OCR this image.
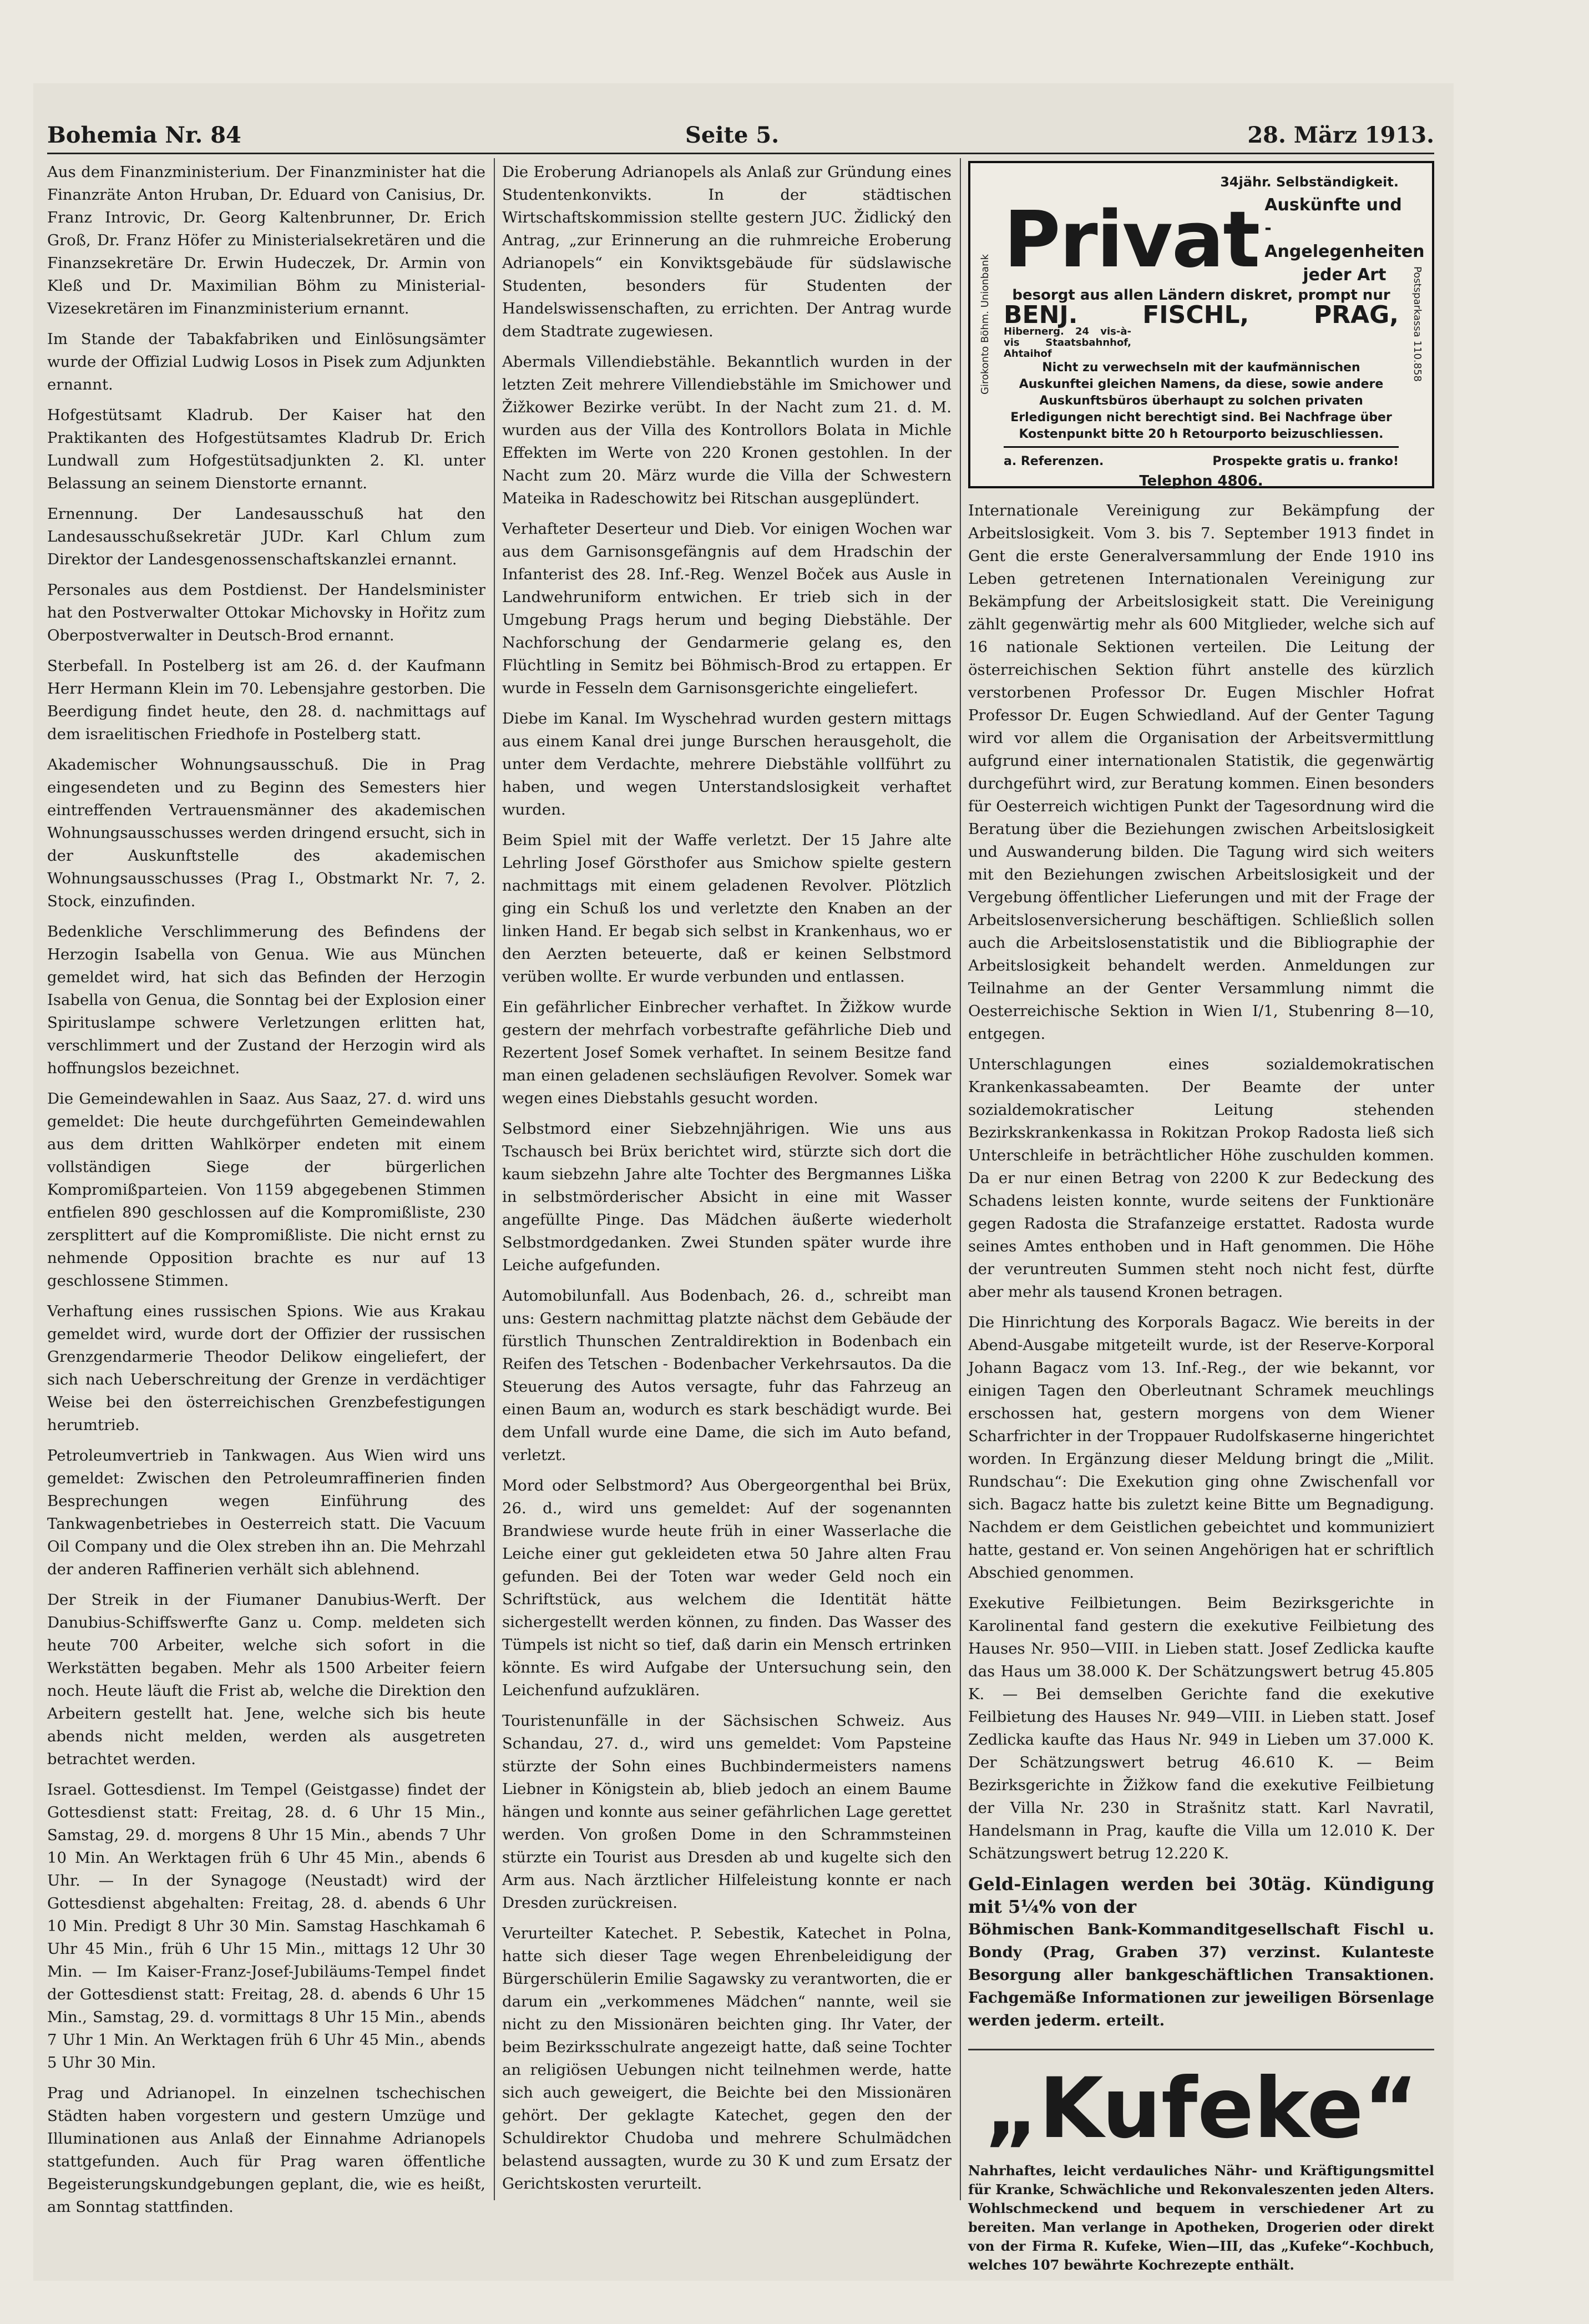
Bohemia Nr. 84	Seite 5.	28. März 1913.

Aus dem Finanzministerium. Der Finanzminister hat die Finanzräte Anton Hruban, Dr. Eduard von Canisius, Dr. Franz Introvic, Dr. Georg Kaltenbrunner, Dr. Erich Groß, Dr. Franz Höfer zu Ministerialsekretären und die Finanzsekretäre Dr. Erwin Hudeczek, Dr. Armin von Kleß und Dr. Maximilian Böhm zu Ministerial-Vizesekretären im Finanzministerium ernannt.

Im Stande der Tabakfabriken und Einlösungsämter wurde der Offizial Ludwig Losos in Pisek zum Adjunkten ernannt.

Hofgestütsamt Kladrub. Der Kaiser hat den Praktikanten des Hofgestütsamtes Kladrub Dr. Erich Lundwall zum Hofgestütsadjunkten 2. Kl. unter Belassung an seinem Dienstorte ernannt.

Ernennung. Der Landesausschuß hat den Landesausschußsekretär JUDr. Karl Chlum zum Direktor der Landesgenossenschaftskanzlei ernannt.

Personales aus dem Postdienst. Der Handelsminister hat den Postverwalter Ottokar Michovsky in Hořitz zum Oberpostverwalter in Deutsch-Brod ernannt.

Sterbefall. In Postelberg ist am 26. d. der Kaufmann Herr Hermann Klein im 70. Lebensjahre gestorben. Die Beerdigung findet heute, den 28. d. nachmittags auf dem israelitischen Friedhofe in Postelberg statt.

Akademischer Wohnungsausschuß. Die in Prag eingesendeten und zu Beginn des Semesters hier eintreffenden Vertrauensmänner des akademischen Wohnungsausschusses werden dringend ersucht, sich in der Auskunftstelle des akademischen Wohnungsausschusses (Prag I., Obstmarkt Nr. 7, 2. Stock, einzufinden.

Bedenkliche Verschlimmerung des Befindens der Herzogin Isabella von Genua. Wie aus München gemeldet wird, hat sich das Befinden der Herzogin Isabella von Genua, die Sonntag bei der Explosion einer Spirituslampe schwere Verletzungen erlitten hat, verschlimmert und der Zustand der Herzogin wird als hoffnungslos bezeichnet.

Die Gemeindewahlen in Saaz. Aus Saaz, 27. d. wird uns gemeldet: Die heute durchgeführten Gemeindewahlen aus dem dritten Wahlkörper endeten mit einem vollständigen Siege der bürgerlichen Kompromißparteien. Von 1159 abgegebenen Stimmen entfielen 890 geschlossen auf die Kompromißliste, 230 zersplittert auf die Kompromißliste. Die nicht ernst zu nehmende Opposition brachte es nur auf 13 geschlossene Stimmen.

Verhaftung eines russischen Spions. Wie aus Krakau gemeldet wird, wurde dort der Offizier der russischen Grenzgendarmerie Theodor Delikow eingeliefert, der sich nach Ueberschreitung der Grenze in verdächtiger Weise bei den österreichischen Grenzbefestigungen herumtrieb.

Petroleumvertrieb in Tankwagen. Aus Wien wird uns gemeldet: Zwischen den Petroleumraffinerien finden Besprechungen wegen Einführung des Tankwagenbetriebes in Oesterreich statt. Die Vacuum Oil Company und die Olex streben ihn an. Die Mehrzahl der anderen Raffinerien verhält sich ablehnend.

Der Streik in der Fiumaner Danubius-Werft. Der Danubius-Schiffswerfte Ganz u. Comp. meldeten sich heute 700 Arbeiter, welche sich sofort in die Werkstätten begaben. Mehr als 1500 Arbeiter feiern noch. Heute läuft die Frist ab, welche die Direktion den Arbeitern gestellt hat. Jene, welche sich bis heute abends nicht melden, werden als ausgetreten betrachtet werden.

Israel. Gottesdienst. Im Tempel (Geistgasse) findet der Gottesdienst statt: Freitag, 28. d. 6 Uhr 15 Min., Samstag, 29. d. morgens 8 Uhr 15 Min., abends 7 Uhr 10 Min. An Werktagen früh 6 Uhr 45 Min., abends 6 Uhr. — In der Synagoge (Neustadt) wird der Gottesdienst abgehalten: Freitag, 28. d. abends 6 Uhr 10 Min. Predigt 8 Uhr 30 Min. Samstag Haschkamah 6 Uhr 45 Min., früh 6 Uhr 15 Min., mittags 12 Uhr 30 Min. — Im Kaiser-Franz-Josef-Jubiläums-Tempel findet der Gottesdienst statt: Freitag, 28. d. abends 6 Uhr 15 Min., Samstag, 29. d. vormittags 8 Uhr 15 Min., abends 7 Uhr 1 Min. An Werktagen früh 6 Uhr 45 Min., abends 5 Uhr 30 Min.

Prag und Adrianopel. In einzelnen tschechischen Städten haben vorgestern und gestern Umzüge und Illuminationen aus Anlaß der Einnahme Adrianopels stattgefunden. Auch für Prag waren öffentliche Begeisterungskundgebungen geplant, die, wie es heißt, am Sonntag stattfinden.

Die Eroberung Adrianopels als Anlaß zur Gründung eines Studentenkonvikts. In der städtischen Wirtschaftskommission stellte gestern JUC. Židlický den Antrag, „zur Erinnerung an die ruhmreiche Eroberung Adrianopels“ ein Konviktsgebäude für südslawische Studenten, besonders für Studenten der Handelswissenschaften, zu errichten. Der Antrag wurde dem Stadtrate zugewiesen.

Abermals Villendiebstähle. Bekanntlich wurden in der letzten Zeit mehrere Villendiebstähle im Smichower und Žižkower Bezirke verübt. In der Nacht zum 21. d. M. wurden aus der Villa des Kontrollors Bolata in Michle Effekten im Werte von 220 Kronen gestohlen. In der Nacht zum 20. März wurde die Villa der Schwestern Mateika in Radeschowitz bei Ritschan ausgeplündert.

Verhafteter Deserteur und Dieb. Vor einigen Wochen war aus dem Garnisonsgefängnis auf dem Hradschin der Infanterist des 28. Inf.-Reg. Wenzel Boček aus Ausle in Landwehruniform entwichen. Er trieb sich in der Umgebung Prags herum und beging Diebstähle. Der Nachforschung der Gendarmerie gelang es, den Flüchtling in Semitz bei Böhmisch-Brod zu ertappen. Er wurde in Fesseln dem Garnisonsgerichte eingeliefert.

Diebe im Kanal. Im Wyschehrad wurden gestern mittags aus einem Kanal drei junge Burschen herausgeholt, die unter dem Verdachte, mehrere Diebstähle vollführt zu haben, und wegen Unterstandslosigkeit verhaftet wurden.

Beim Spiel mit der Waffe verletzt. Der 15 Jahre alte Lehrling Josef Görsthofer aus Smichow spielte gestern nachmittags mit einem geladenen Revolver. Plötzlich ging ein Schuß los und verletzte den Knaben an der linken Hand. Er begab sich selbst in Krankenhaus, wo er den Aerzten beteuerte, daß er keinen Selbstmord verüben wollte. Er wurde verbunden und entlassen.

Ein gefährlicher Einbrecher verhaftet. In Žižkow wurde gestern der mehrfach vorbestrafte gefährliche Dieb und Rezertent Josef Somek verhaftet. In seinem Besitze fand man einen geladenen sechsläufigen Revolver. Somek war wegen eines Diebstahls gesucht worden.

Selbstmord einer Siebzehnjährigen. Wie uns aus Tschausch bei Brüx berichtet wird, stürzte sich dort die kaum siebzehn Jahre alte Tochter des Bergmannes Liška in selbstmörderischer Absicht in eine mit Wasser angefüllte Pinge. Das Mädchen äußerte wiederholt Selbstmordgedanken. Zwei Stunden später wurde ihre Leiche aufgefunden.

Automobilunfall. Aus Bodenbach, 26. d., schreibt man uns: Gestern nachmittag platzte nächst dem Gebäude der fürstlich Thunschen Zentraldirektion in Bodenbach ein Reifen des Tetschen - Bodenbacher Verkehrsautos. Da die Steuerung des Autos versagte, fuhr das Fahrzeug an einen Baum an, wodurch es stark beschädigt wurde. Bei dem Unfall wurde eine Dame, die sich im Auto befand, verletzt.

Mord oder Selbstmord? Aus Obergeorgenthal bei Brüx, 26. d., wird uns gemeldet: Auf der sogenannten Brandwiese wurde heute früh in einer Wasserlache die Leiche einer gut gekleideten etwa 50 Jahre alten Frau gefunden. Bei der Toten war weder Geld noch ein Schriftstück, aus welchem die Identität hätte sichergestellt werden können, zu finden. Das Wasser des Tümpels ist nicht so tief, daß darin ein Mensch ertrinken könnte. Es wird Aufgabe der Untersuchung sein, den Leichenfund aufzuklären.

Touristenunfälle in der Sächsischen Schweiz. Aus Schandau, 27. d., wird uns gemeldet: Vom Papsteine stürzte der Sohn eines Buchbindermeisters namens Liebner in Königstein ab, blieb jedoch an einem Baume hängen und konnte aus seiner gefährlichen Lage gerettet werden. Von großen Dome in den Schrammsteinen stürzte ein Tourist aus Dresden ab und kugelte sich den Arm aus. Nach ärztlicher Hilfeleistung konnte er nach Dresden zurückreisen.

Verurteilter Katechet. P. Sebestik, Katechet in Polna, hatte sich dieser Tage wegen Ehrenbeleidigung der Bürgerschülerin Emilie Sagawsky zu verantworten, die er darum ein „verkommenes Mädchen“ nannte, weil sie nicht zu den Missionären beichten ging. Ihr Vater, der beim Bezirksschulrate angezeigt hatte, daß seine Tochter an religiösen Uebungen nicht teilnehmen werde, hatte sich auch geweigert, die Beichte bei den Missionären gehört. Der geklagte Katechet, gegen den der Schuldirektor Chudoba und mehrere Schulmädchen belastend aussagten, wurde zu 30 K und zum Ersatz der Gerichtskosten verurteilt.

Girokonto Böhm. Unionbank	Postsparkassa 110.858
34jähr. Selbständigkeit.
Privat Auskünfte und
-Angelegenheiten
jeder Art
besorgt aus allen Ländern diskret, prompt nur
BENJ. FISCHL, PRAG, Hibernerg. 24 vis-à-vis Staatsbahnhof, Ahtaihof
Nicht zu verwechseln mit der kaufmännischen Auskunftei gleichen Namens, da diese, sowie andere Auskunftsbüros überhaupt zu solchen privaten Erledigungen nicht berechtigt sind. Bei Nachfrage über Kostenpunkt bitte 20 h Retourporto beizuschliessen.
a. Referenzen.	Prospekte gratis u. franko!
Telephon 4806.

Internationale Vereinigung zur Bekämpfung der Arbeitslosigkeit. Vom 3. bis 7. September 1913 findet in Gent die erste Generalversammlung der Ende 1910 ins Leben getretenen Internationalen Vereinigung zur Bekämpfung der Arbeitslosigkeit statt. Die Vereinigung zählt gegenwärtig mehr als 600 Mitglieder, welche sich auf 16 nationale Sektionen verteilen. Die Leitung der österreichischen Sektion führt anstelle des kürzlich verstorbenen Professor Dr. Eugen Mischler Hofrat Professor Dr. Eugen Schwiedland. Auf der Genter Tagung wird vor allem die Organisation der Arbeitsvermittlung aufgrund einer internationalen Statistik, die gegenwärtig durchgeführt wird, zur Beratung kommen. Einen besonders für Oesterreich wichtigen Punkt der Tagesordnung wird die Beratung über die Beziehungen zwischen Arbeitslosigkeit und Auswanderung bilden. Die Tagung wird sich weiters mit den Beziehungen zwischen Arbeitslosigkeit und der Vergebung öffentlicher Lieferungen und mit der Frage der Arbeitslosenversicherung beschäftigen. Schließlich sollen auch die Arbeitslosenstatistik und die Bibliographie der Arbeitslosigkeit behandelt werden. Anmeldungen zur Teilnahme an der Genter Versammlung nimmt die Oesterreichische Sektion in Wien I/1, Stubenring 8—10, entgegen.

Unterschlagungen eines sozialdemokratischen Krankenkassabeamten. Der Beamte der unter sozialdemokratischer Leitung stehenden Bezirkskrankenkassa in Rokitzan Prokop Radosta ließ sich Unterschleife in beträchtlicher Höhe zuschulden kommen. Da er nur einen Betrag von 2200 K zur Bedeckung des Schadens leisten konnte, wurde seitens der Funktionäre gegen Radosta die Strafanzeige erstattet. Radosta wurde seines Amtes enthoben und in Haft genommen. Die Höhe der veruntreuten Summen steht noch nicht fest, dürfte aber mehr als tausend Kronen betragen.

Die Hinrichtung des Korporals Bagacz. Wie bereits in der Abend-Ausgabe mitgeteilt wurde, ist der Reserve-Korporal Johann Bagacz vom 13. Inf.-Reg., der wie bekannt, vor einigen Tagen den Oberleutnant Schramek meuchlings erschossen hat, gestern morgens von dem Wiener Scharfrichter in der Troppauer Rudolfskaserne hingerichtet worden. In Ergänzung dieser Meldung bringt die „Milit. Rundschau“: Die Exekution ging ohne Zwischenfall vor sich. Bagacz hatte bis zuletzt keine Bitte um Begnadigung. Nachdem er dem Geistlichen gebeichtet und kommuniziert hatte, gestand er. Von seinen Angehörigen hat er schriftlich Abschied genommen.

Exekutive Feilbietungen. Beim Bezirksgerichte in Karolinental fand gestern die exekutive Feilbietung des Hauses Nr. 950—VIII. in Lieben statt. Josef Zedlicka kaufte das Haus um 38.000 K. Der Schätzungswert betrug 45.805 K. — Bei demselben Gerichte fand die exekutive Feilbietung des Hauses Nr. 949—VIII. in Lieben statt. Josef Zedlicka kaufte das Haus Nr. 949 in Lieben um 37.000 K. Der Schätzungswert betrug 46.610 K. — Beim Bezirksgerichte in Žižkow fand die exekutive Feilbietung der Villa Nr. 230 in Strašnitz statt. Karl Navratil, Handelsmann in Prag, kaufte die Villa um 12.010 K. Der Schätzungswert betrug 12.220 K.

Geld-Einlagen werden bei 30täg. Kündigung mit 5¼% von der
Böhmischen Bank-Kommanditgesellschaft Fischl u. Bondy (Prag, Graben 37) verzinst. Kulanteste Besorgung aller bankgeschäftlichen Transaktionen. Fachgemäße Informationen zur jeweiligen Börsenlage werden jederm. erteilt.
„Kufeke“
Nahrhaftes, leicht verdauliches Nähr- und Kräftigungsmittel für Kranke, Schwächliche und Rekonvaleszenten jeden Alters. Wohlschmeckend und bequem in verschiedener Art zu bereiten. Man verlange in Apotheken, Drogerien oder direkt von der Firma R. Kufeke, Wien—III, das „Kufeke“-Kochbuch, welches 107 bewährte Kochrezepte enthält.
